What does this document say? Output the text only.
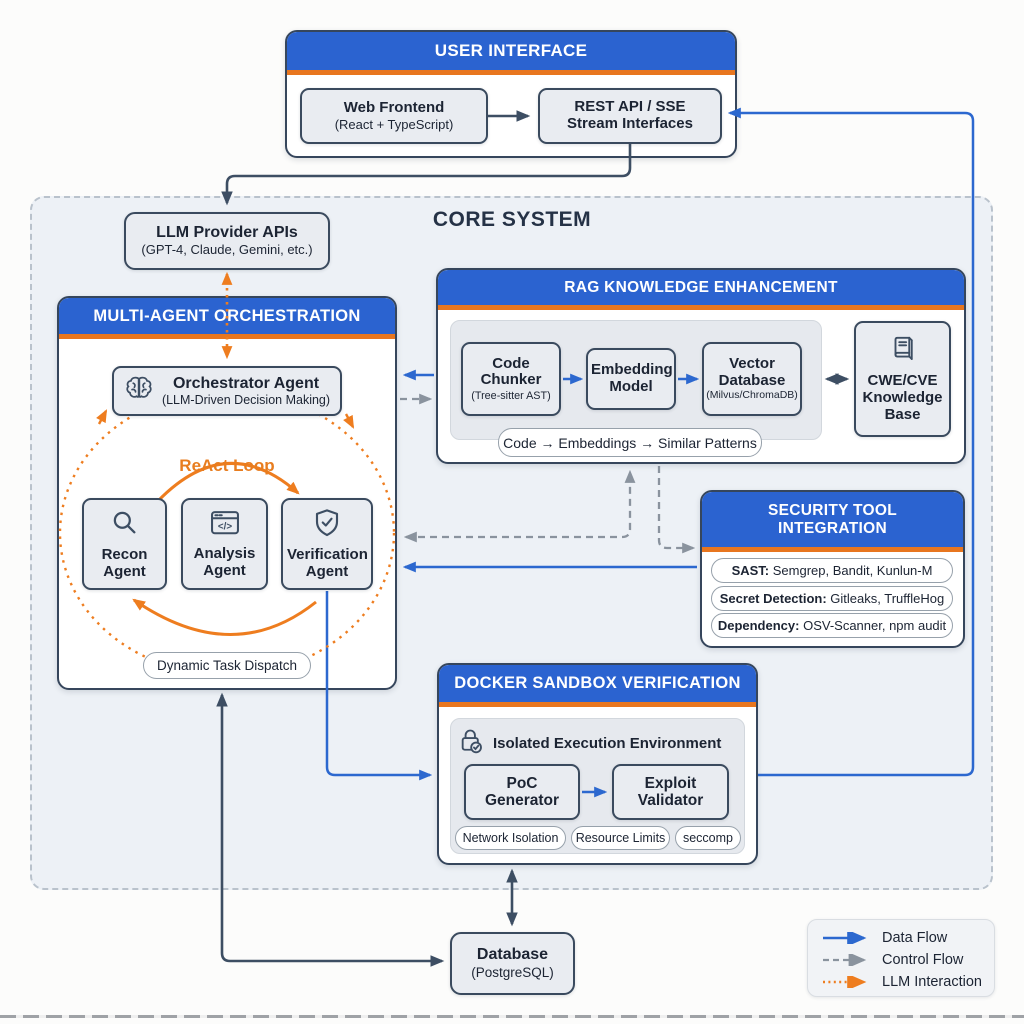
CORE SYSTEM
USER INTERFACE
Web Frontend
(React + TypeScript)
REST API / SSE
Stream Interfaces
LLM Provider APIs
(GPT-4, Claude, Gemini, etc.)
MULTI-AGENT ORCHESTRATION
Orchestrator Agent
(LLM-Driven Decision Making)
ReAct Loop
Recon Agent
</>
Analysis Agent
Verification Agent
Dynamic Task Dispatch
RAG KNOWLEDGE ENHANCEMENT
Code Chunker
(Tree-sitter AST)
Embedding Model
Vector Database
(Milvus/ChromaDB)
Code → Embeddings → Similar Patterns
CWE/CVE Knowledge Base
SECURITY TOOL INTEGRATION
SAST: Semgrep, Bandit, Kunlun-M
Secret Detection: Gitleaks, TruffleHog
Dependency: OSV-Scanner, npm audit
DOCKER SANDBOX VERIFICATION
Isolated Execution Environment
PoC Generator
Exploit Validator
Network Isolation Resource Limits seccomp
Database
(PostgreSQL)
Data Flow
Control Flow
LLM Interaction
